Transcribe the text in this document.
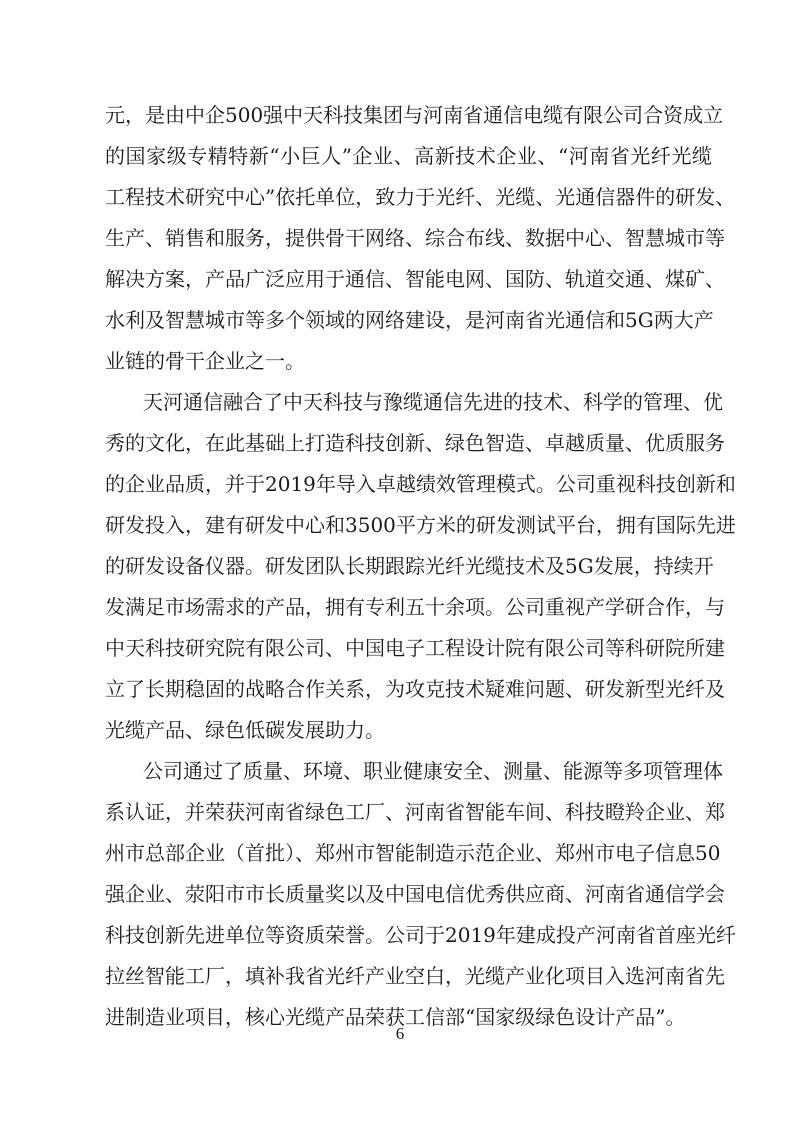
元，是由中企500强中天科技集团与河南省通信电缆有限公司合资成立

的国家级专精特新“小巨人”企业、高新技术企业、“河南省光纤光缆

工程技术研究中心”依托单位，致力于光纤、光缆、光通信器件的研发、

生产、销售和服务，提供骨干网络、综合布线、数据中心、智慧城市等

解决方案，产品广泛应用于通信、智能电网、国防、轨道交通、煤矿、

水利及智慧城市等多个领域的网络建设，是河南省光通信和5G两大产

业链的骨干企业之一。

天河通信融合了中天科技与豫缆通信先进的技术、科学的管理、优

秀的文化，在此基础上打造科技创新、绿色智造、卓越质量、优质服务

的企业品质，并于2019年导入卓越绩效管理模式。公司重视科技创新和

研发投入，建有研发中心和3500平方米的研发测试平台，拥有国际先进

的研发设备仪器。研发团队长期跟踪光纤光缆技术及5G发展，持续开

发满足市场需求的产品，拥有专利五十余项。公司重视产学研合作，与

中天科技研究院有限公司、中国电子工程设计院有限公司等科研院所建

立了长期稳固的战略合作关系，为攻克技术疑难问题、研发新型光纤及

光缆产品、绿色低碳发展助力。

公司通过了质量、环境、职业健康安全、测量、能源等多项管理体

系认证，并荣获河南省绿色工厂、河南省智能车间、科技瞪羚企业、郑

州市总部企业（首批）、郑州市智能制造示范企业、郑州市电子信息50

强企业、荥阳市市长质量奖以及中国电信优秀供应商、河南省通信学会

科技创新先进单位等资质荣誉。公司于2019年建成投产河南省首座光纤

拉丝智能工厂，填补我省光纤产业空白，光缆产业化项目入选河南省先

进制造业项目，核心光缆产品荣获工信部“国家级绿色设计产品”。

6
